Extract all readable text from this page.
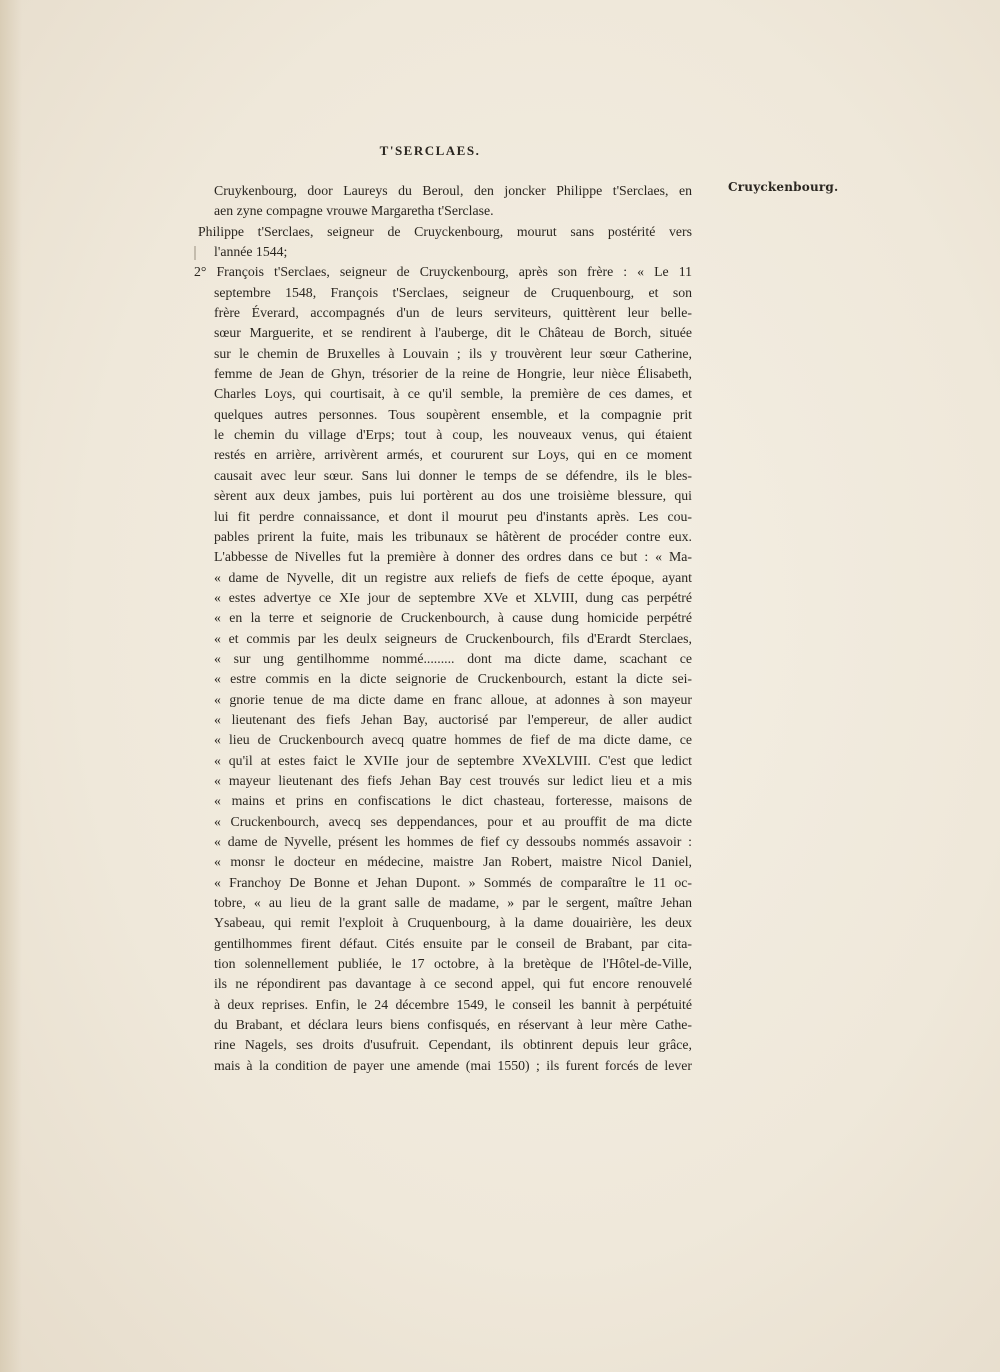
T'SERCLAES.
Cruyckenbourg.
Cruykenbourg, door Laureys du Beroul, den joncker Philippe t'Serclaes, en
aen zyne compagne vrouwe Margaretha t'Serclase.
Philippe t'Serclaes, seigneur de Cruyckenbourg, mourut sans postérité vers
l'année 1544;
2° François t'Serclaes, seigneur de Cruyckenbourg, après son frère : « Le 11
septembre 1548, François t'Serclaes, seigneur de Cruquenbourg, et son
frère Éverard, accompagnés d'un de leurs serviteurs, quittèrent leur belle-
sœur Marguerite, et se rendirent à l'auberge, dit le Château de Borch, située
sur le chemin de Bruxelles à Louvain ; ils y trouvèrent leur sœur Catherine,
femme de Jean de Ghyn, trésorier de la reine de Hongrie, leur nièce Élisabeth,
Charles Loys, qui courtisait, à ce qu'il semble, la première de ces dames, et
quelques autres personnes. Tous soupèrent ensemble, et la compagnie prit
le chemin du village d'Erps; tout à coup, les nouveaux venus, qui étaient
restés en arrière, arrivèrent armés, et coururent sur Loys, qui en ce moment
causait avec leur sœur. Sans lui donner le temps de se défendre, ils le bles-
sèrent aux deux jambes, puis lui portèrent au dos une troisième blessure, qui
lui fit perdre connaissance, et dont il mourut peu d'instants après. Les cou-
pables prirent la fuite, mais les tribunaux se hâtèrent de procéder contre eux.
L'abbesse de Nivelles fut la première à donner des ordres dans ce but : « Ma-
« dame de Nyvelle, dit un registre aux reliefs de fiefs de cette époque, ayant
« estes advertye ce XIe jour de septembre XVe et XLVIII, dung cas perpétré
« en la terre et seignorie de Cruckenbourch, à cause dung homicide perpétré
« et commis par les deulx seigneurs de Cruckenbourch, fils d'Erardt Sterclaes,
« sur ung gentilhomme nommé......... dont ma dicte dame, scachant ce
« estre commis en la dicte seignorie de Cruckenbourch, estant la dicte sei-
« gnorie tenue de ma dicte dame en franc alloue, at adonnes à son mayeur
« lieutenant des fiefs Jehan Bay, auctorisé par l'empereur, de aller audict
« lieu de Cruckenbourch avecq quatre hommes de fief de ma dicte dame, ce
« qu'il at estes faict le XVIIe jour de septembre XVeXLVIII. C'est que ledict
« mayeur lieutenant des fiefs Jehan Bay cest trouvés sur ledict lieu et a mis
« mains et prins en confiscations le dict chasteau, forteresse, maisons de
« Cruckenbourch, avecq ses deppendances, pour et au prouffit de ma dicte
« dame de Nyvelle, présent les hommes de fief cy dessoubs nommés assavoir :
« monsr le docteur en médecine, maistre Jan Robert, maistre Nicol Daniel,
« Franchoy De Bonne et Jehan Dupont. » Sommés de comparaître le 11 oc-
tobre, « au lieu de la grant salle de madame, » par le sergent, maître Jehan
Ysabeau, qui remit l'exploit à Cruquenbourg, à la dame douairière, les deux
gentilhommes firent défaut. Cités ensuite par le conseil de Brabant, par cita-
tion solennellement publiée, le 17 octobre, à la bretèque de l'Hôtel-de-Ville,
ils ne répondirent pas davantage à ce second appel, qui fut encore renouvelé
à deux reprises. Enfin, le 24 décembre 1549, le conseil les bannit à perpétuité
du Brabant, et déclara leurs biens confisqués, en réservant à leur mère Cathe-
rine Nagels, ses droits d'usufruit. Cependant, ils obtinrent depuis leur grâce,
mais à la condition de payer une amende (mai 1550) ; ils furent forcés de lever
